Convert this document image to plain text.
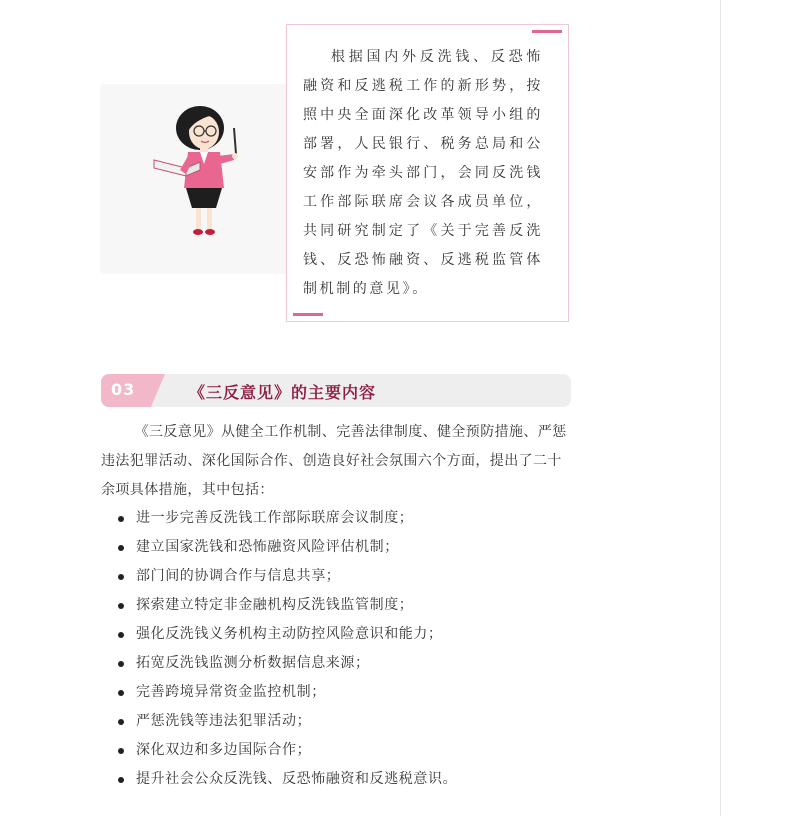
根据国内外反洗钱、反恐怖融资和反逃税工作的新形势，按照中央全面深化改革领导小组的部署，人民银行、税务总局和公安部作为牵头部门，会同反洗钱工作部际联席会议各成员单位，共同研究制定了《关于完善反洗钱、反恐怖融资、反逃税监管体制机制的意见》。

03	《三反意见》的主要内容

《三反意见》从健全工作机制、完善法律制度、健全预防措施、严惩违法犯罪活动、深化国际合作、创造良好社会氛围六个方面，提出了二十余项具体措施，其中包括：

进一步完善反洗钱工作部际联席会议制度；
建立国家洗钱和恐怖融资风险评估机制；
部门间的协调合作与信息共享；
探索建立特定非金融机构反洗钱监管制度；
强化反洗钱义务机构主动防控风险意识和能力；
拓宽反洗钱监测分析数据信息来源；
完善跨境异常资金监控机制；
严惩洗钱等违法犯罪活动；
深化双边和多边国际合作；
提升社会公众反洗钱、反恐怖融资和反逃税意识。
